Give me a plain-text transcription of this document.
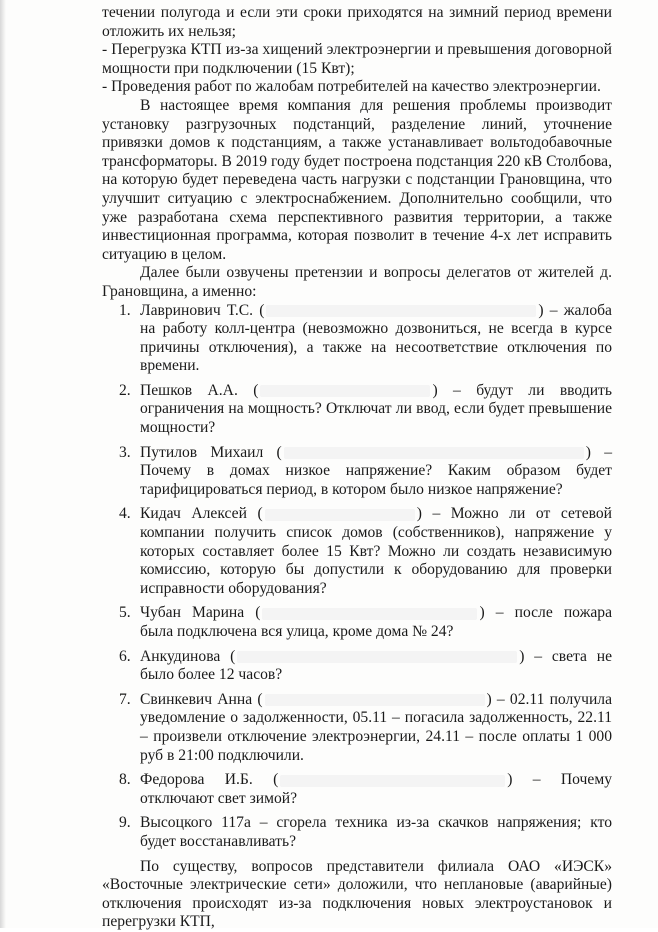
течении полугода и если эти сроки приходятся на зимний период времени отложить их нельзя;

- Перегрузка КТП из-за хищений электроэнергии и превышения договорной мощности при подключении (15 Квт);

- Проведения работ по жалобам потребителей на качество электроэнергии.

В настоящее время компания для решения проблемы производит установку разгрузочных подстанций, разделение линий, уточнение привязки домов к подстанциям, а также устанавливает вольтодобавочные трансформаторы. В 2019 году будет построена подстанция 220 кВ Столбова, на которую будет переведена часть нагрузки с подстанции Грановщина, что улучшит ситуацию с электроснабжением. Дополнительно сообщили, что уже разработана схема перспективного развития территории, а также инвестиционная программа, которая позволит в течение 4-х лет исправить ситуацию в целом.

Далее были озвучены претензии и вопросы делегатов от жителей д. Грановщина, а именно:

1. Лавринович Т.С. (	) – жалоба на работу колл-центра (невозможно дозвониться, не всегда в курсе причины отключения), а также на несоответствие отключения по времени.
2. Пешков А.А. (	) – будут ли вводить ограничения на мощность? Отключат ли ввод, если будет превышение мощности?
3. Путилов Михаил (	) – Почему в домах низкое напряжение? Каким образом будет тарифицироваться период, в котором было низкое напряжение?
4. Кидач Алексей (	) – Можно ли от сетевой компании получить список домов (собственников), напряжение у которых составляет более 15 Квт? Можно ли создать независимую комиссию, которую бы допустили к оборудованию для проверки исправности оборудования?
5. Чубан Марина (	) – после пожара была подключена вся улица, кроме дома № 24?
6. Анкудинова (	) – света не было более 12 часов?
7. Свинкевич Анна (	) – 02.11 получила уведомление о задолженности, 05.11 – погасила задолженность, 22.11 – произвели отключение электроэнергии, 24.11 – после оплаты 1 000 руб в 21:00 подключили.
8. Федорова И.Б. (	) – Почему отключают свет зимой?
9. Высоцкого 117а – сгорела техника из-за скачков напряжения; кто будет восстанавливать?

По существу, вопросов представители филиала ОАО «ИЭСК» «Восточные электрические сети» доложили, что неплановые (аварийные) отключения происходят из-за подключения новых электроустановок и перегрузки КТП,
